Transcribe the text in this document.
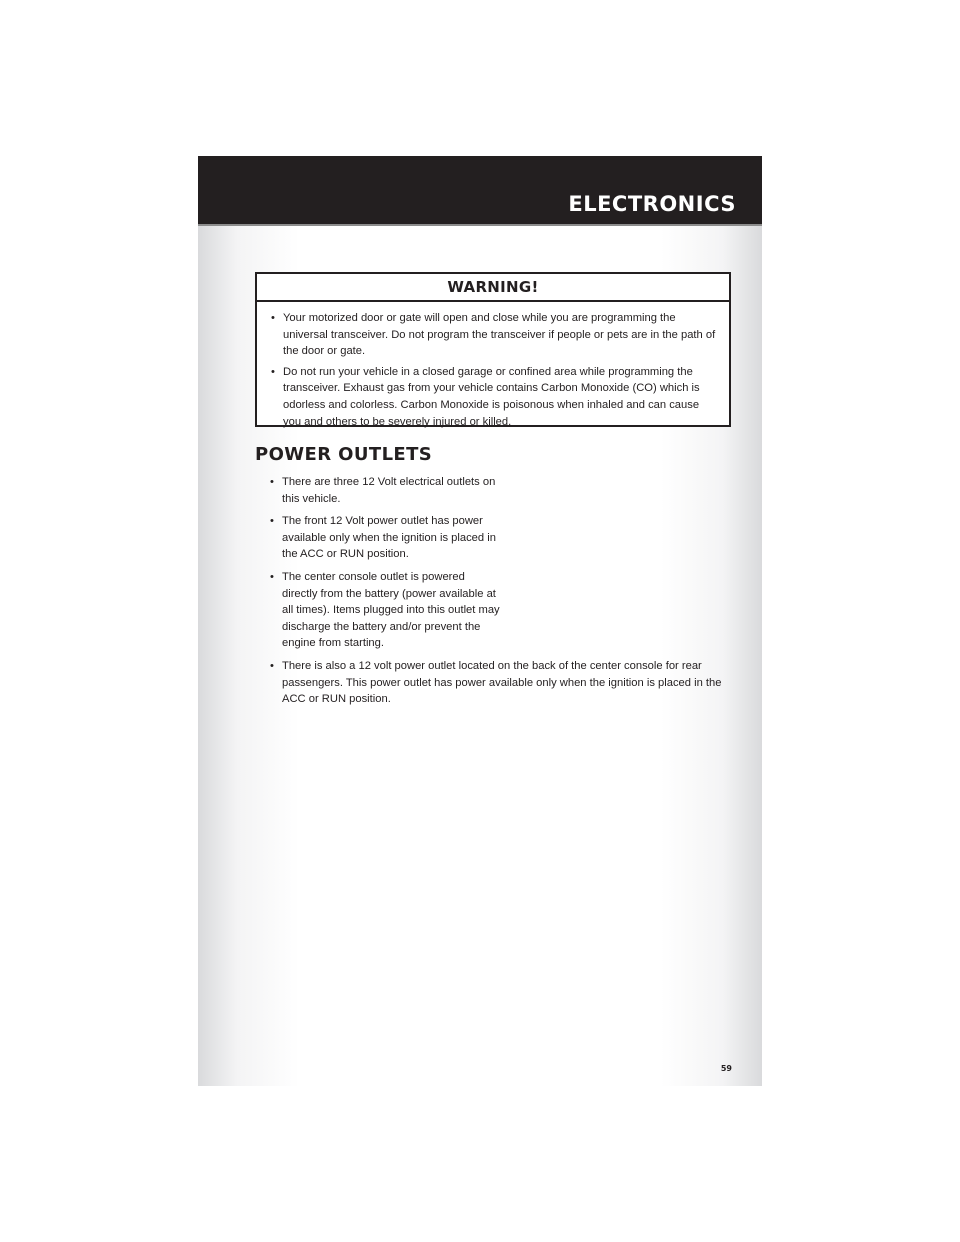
ELECTRONICS
WARNING!
• Your motorized door or gate will open and close while you are programming the universal transceiver. Do not program the transceiver if people or pets are in the path of the door or gate.
• Do not run your vehicle in a closed garage or confined area while programming the transceiver. Exhaust gas from your vehicle contains Carbon Monoxide (CO) which is odorless and colorless. Carbon Monoxide is poisonous when inhaled and can cause you and others to be severely injured or killed.
POWER OUTLETS
• There are three 12 Volt electrical outlets on this vehicle.
• The front 12 Volt power outlet has power available only when the ignition is placed in the ACC or RUN position.
• The center console outlet is powered directly from the battery (power available at all times). Items plugged into this outlet may discharge the battery and/or prevent the engine from starting.
• There is also a 12 volt power outlet located on the back of the center console for rear passengers. This power outlet has power available only when the ignition is placed in the ACC or RUN position.
59
